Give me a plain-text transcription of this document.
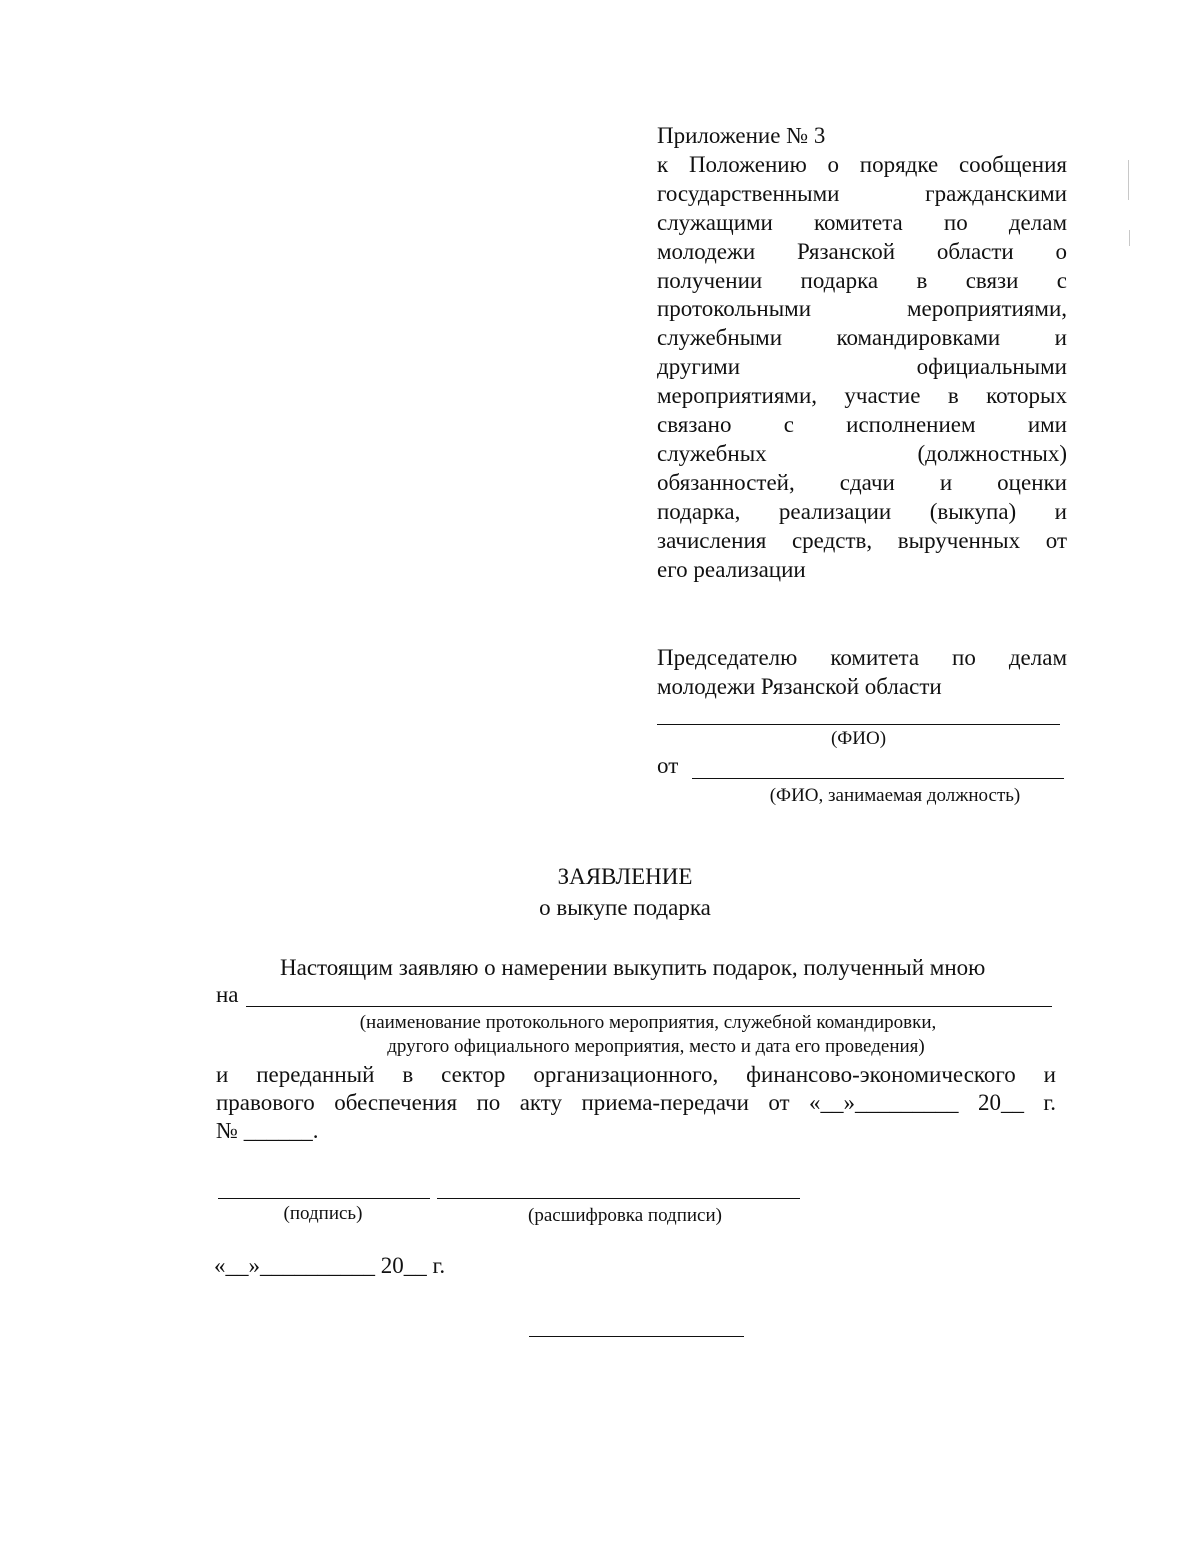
Приложение № 3
к Положению о порядке сообщения
государственными гражданскими
служащими комитета по делам
молодежи Рязанской области о
получении подарка в связи с
протокольными мероприятиями,
служебными командировками и
другими официальными
мероприятиями, участие в которых
связано с исполнением ими
служебных (должностных)
обязанностей, сдачи и оценки
подарка, реализации (выкупа) и
зачисления средств, вырученных от
его реализации
Председателю комитета по делам
молодежи Рязанской области
(ФИО)
от
(ФИО, занимаемая должность)
ЗАЯВЛЕНИЕ
о выкупе подарка
Настоящим заявляю о намерении выкупить подарок, полученный мною
на
(наименование протокольного мероприятия, служебной командировки,
другого официального мероприятия, место и дата его проведения)
и переданный в сектор организационного, финансово-экономического и
правового обеспечения по акту приема-передачи от «__»_________ 20__ г.
№ ______.
(подпись)	(расшифровка подписи)
«__»__________ 20__ г.
